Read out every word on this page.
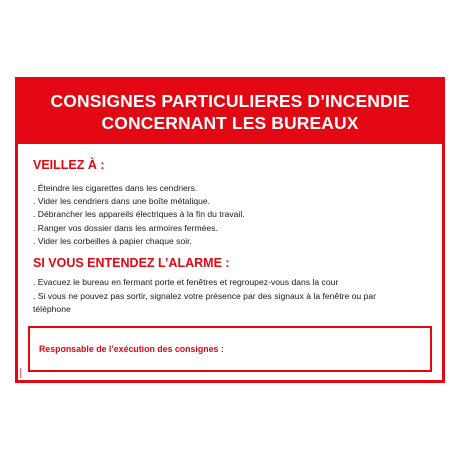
CONSIGNES PARTICULIERES D’INCENDIE
CONCERNANT LES BUREAUX

VEILLEZ À :

. Éteindre les cigarettes dans les cendriers.
. Vider les cendriers dans une boîte métalique.
. Débrancher les appareils électriques à la fin du travail.
. Ranger vos dossier dans les armoires fermées.
. Vider les corbeilles à papier chaque soir.

SI VOUS ENTENDEZ L’ALARME :

. Evacuez le bureau en fermant porte et fenêtres et regroupez-vous dans la cour
. Si vous ne pouvez pas sortir, signalez votre présence par des signaux à la fenêtre ou par
téléphone
Responsable de l’exécution des consignes :
